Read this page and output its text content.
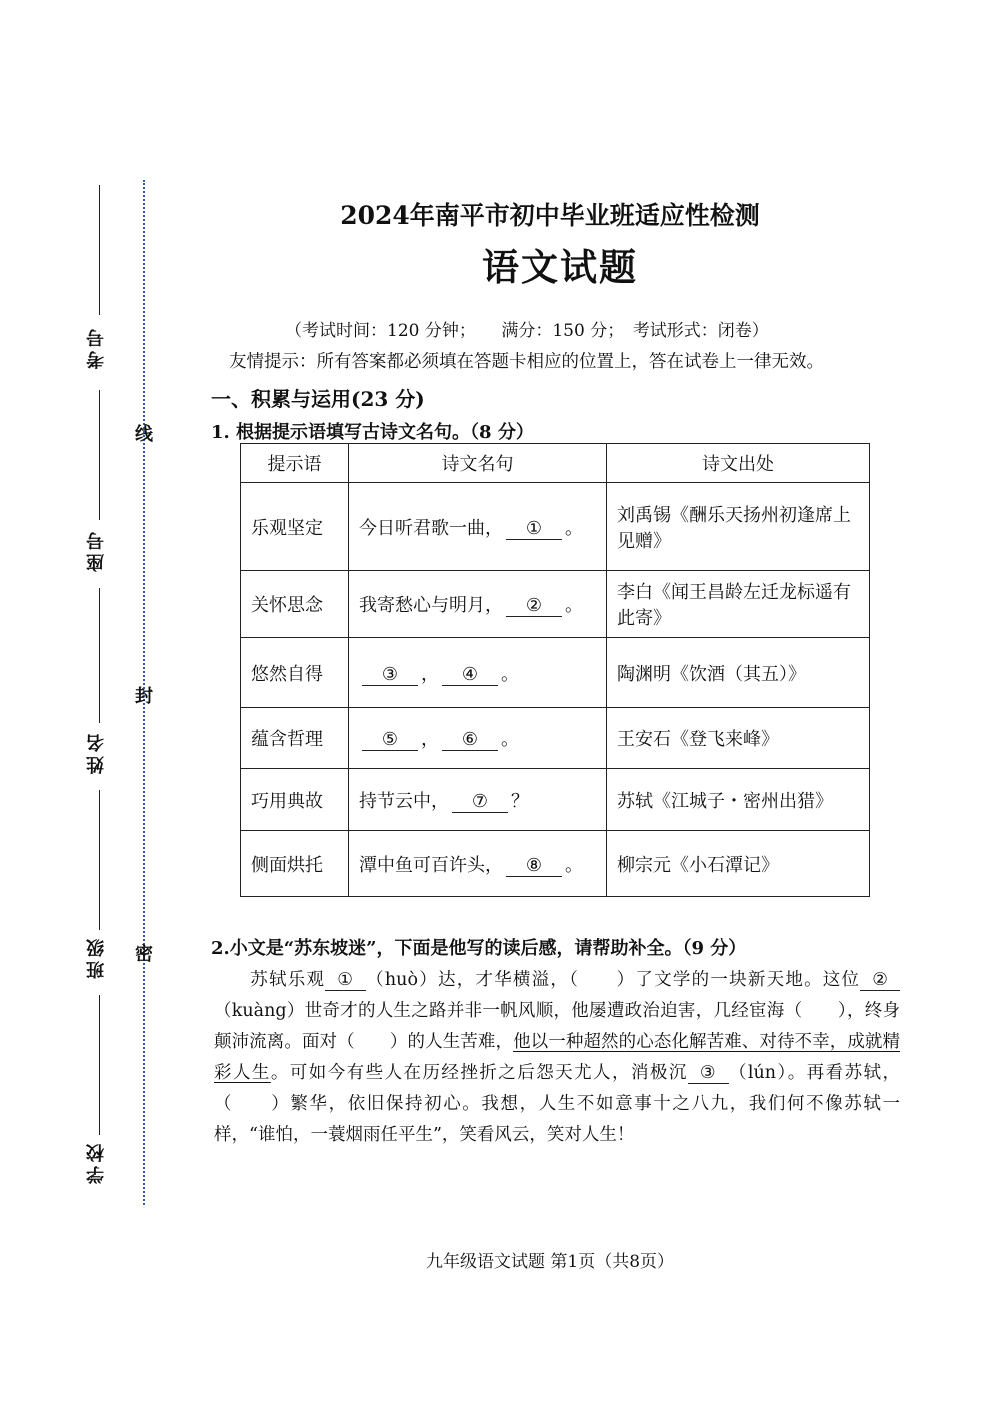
线
封
密
考号
座号
姓名
班级
学校
2024年南平市初中毕业班适应性检测
语文试题
（考试时间：120 分钟；　　满分：150 分；　考试形式：闭卷）
友情提示：所有答案都必须填在答题卡相应的位置上，答在试卷上一律无效。
一、积累与运用(23 分)
1. 根据提示语填写古诗文名句。（8 分）
提示语	诗文名句	诗文出处
乐观坚定	今日听君歌一曲， ① 。	刘禹锡《酬乐天扬州初逢席上见赠》
关怀思念	我寄愁心与明月， ② 。	李白《闻王昌龄左迁龙标遥有此寄》
悠然自得	③ ， ④ 。	陶渊明《饮酒（其五）》
蕴含哲理	⑤ ， ⑥ 。	王安石《登飞来峰》
巧用典故	持节云中， ⑦ ？	苏轼《江城子・密州出猎》
侧面烘托	潭中鱼可百许头， ⑧ 。	柳宗元《小石潭记》
2.小文是“苏东坡迷”，下面是他写的读后感，请帮助补全。（9 分）

苏轼乐观 ① （huò）达，才华横溢，（　　）了文学的一块新天地。这位 ②（kuàng）世奇才的人生之路并非一帆风顺，他屡遭政治迫害，几经宦海（　　），终身颠沛流离。面对（　　）的人生苦难，他以一种超然的心态化解苦难、对待不幸，成就精彩人生。可如今有些人在历经挫折之后怨天尤人，消极沉 ③ （lún）。再看苏轼，（　　）繁华，依旧保持初心。我想，人生不如意事十之八九，我们何不像苏轼一样，“谁怕，一蓑烟雨任平生”，笑看风云，笑对人生！

九年级语文试题 第1页（共8页）
